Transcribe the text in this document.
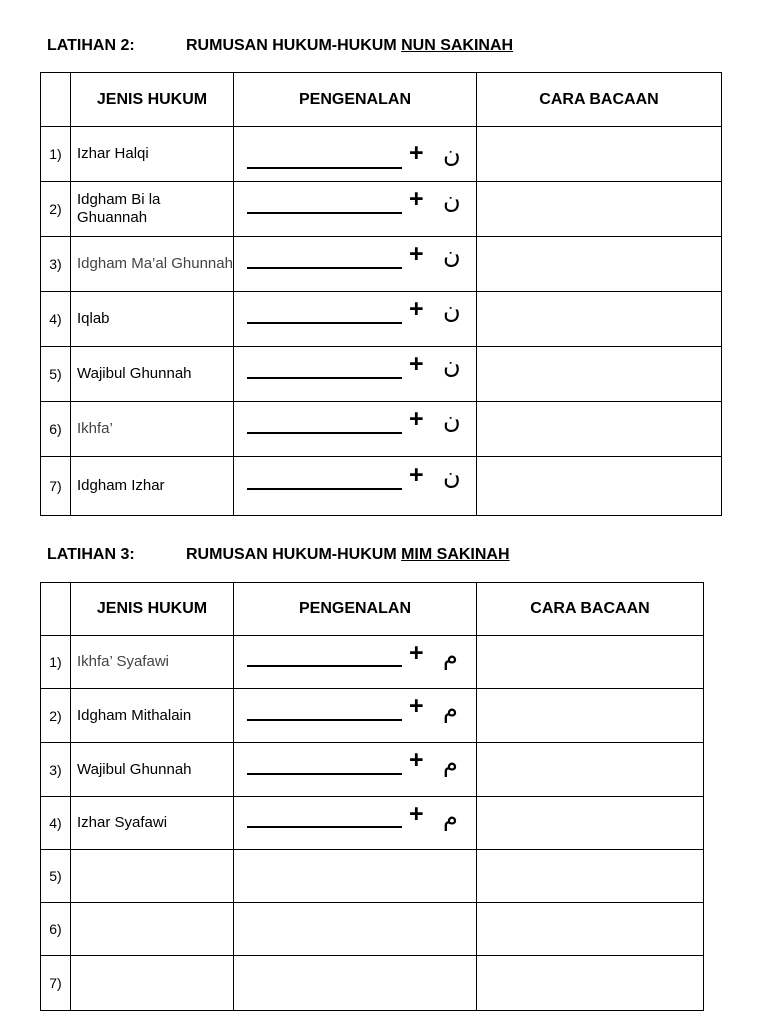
LATIHAN 2:	RUMUSAN HUKUM-HUKUM NUN SAKINAH
	JENIS HUKUM	PENGENALAN	CARA BACAAN
1)	Izhar Halqi	+ ن	

2)	Idgham Bi la Ghuannah	+ ن	

3)	Idgham Ma’al Ghunnah	+ ن	

4)	Iqlab	+ ن	

5)	Wajibul Ghunnah	+ ن	

6)	Ikhfa’	+ ن	

7)	Idgham Izhar	+ ن	

LATIHAN 3:	RUMUSAN HUKUM-HUKUM MIM SAKINAH
	JENIS HUKUM	PENGENALAN	CARA BACAAN
1)	Ikhfa’ Syafawi	+ م	

2)	Idgham Mithalain	+ م	

3)	Wajibul Ghunnah	+ م	

4)	Izhar Syafawi	+ م	

5)			
6)			
7)			
